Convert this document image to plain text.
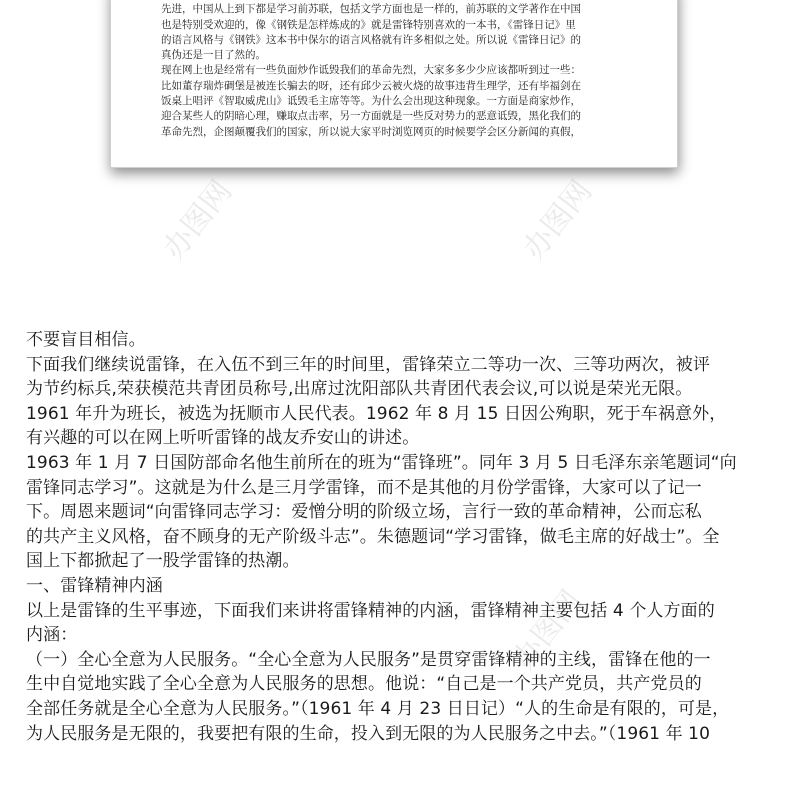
先进，中国从上到下都是学习前苏联，包括文学方面也是一样的，前苏联的文学著作在中国

也是特别受欢迎的，像《钢铁是怎样炼成的》就是雷锋特别喜欢的一本书，《雷锋日记》里

的语言风格与《钢铁》这本书中保尔的语言风格就有许多相似之处。所以说《雷锋日记》的

真伪还是一目了然的。

现在网上也是经常有一些负面炒作诋毁我们的革命先烈，大家多多少少应该都听到过一些：

比如董存瑞炸碉堡是被连长骗去的呀，还有邱少云被火烧的故事违背生理学，还有毕福剑在

饭桌上唱评《智取威虎山》诋毁毛主席等等。为什么会出现这种现象。一方面是商家炒作，

迎合某些人的阴暗心理，赚取点击率，另一方面就是一些反对势力的恶意诋毁，黑化我们的

革命先烈，企图颠覆我们的国家，所以说大家平时浏览网页的时候要学会区分新闻的真假，

办图网	办图网
办图网

不要盲目相信。

下面我们继续说雷锋，在入伍不到三年的时间里，雷锋荣立二等功一次、三等功两次，被评

为节约标兵,荣获模范共青团员称号,出席过沈阳部队共青团代表会议,可以说是荣光无限。

1961 年升为班长，被选为抚顺市人民代表。1962 年 8 月 15 日因公殉职，死于车祸意外，

有兴趣的可以在网上听听雷锋的战友乔安山的讲述。

1963 年 1 月 7 日国防部命名他生前所在的班为“雷锋班”。同年 3 月 5 日毛泽东亲笔题词“向

雷锋同志学习”。这就是为什么是三月学雷锋，而不是其他的月份学雷锋，大家可以了记一

下。周恩来题词“向雷锋同志学习：爱憎分明的阶级立场，言行一致的革命精神，公而忘私

的共产主义风格，奋不顾身的无产阶级斗志”。朱德题词“学习雷锋，做毛主席的好战士”。全

国上下都掀起了一股学雷锋的热潮。

一、雷锋精神内涵

以上是雷锋的生平事迹，下面我们来讲将雷锋精神的内涵，雷锋精神主要包括 4 个人方面的

内涵：

（一）全心全意为人民服务。“全心全意为人民服务”是贯穿雷锋精神的主线，雷锋在他的一

生中自觉地实践了全心全意为人民服务的思想。他说：“自己是一个共产党员，共产党员的

全部任务就是全心全意为人民服务。”（1961 年 4 月 23 日日记）“人的生命是有限的，可是，

为人民服务是无限的，我要把有限的生命，投入到无限的为人民服务之中去。”（1961 年 10
